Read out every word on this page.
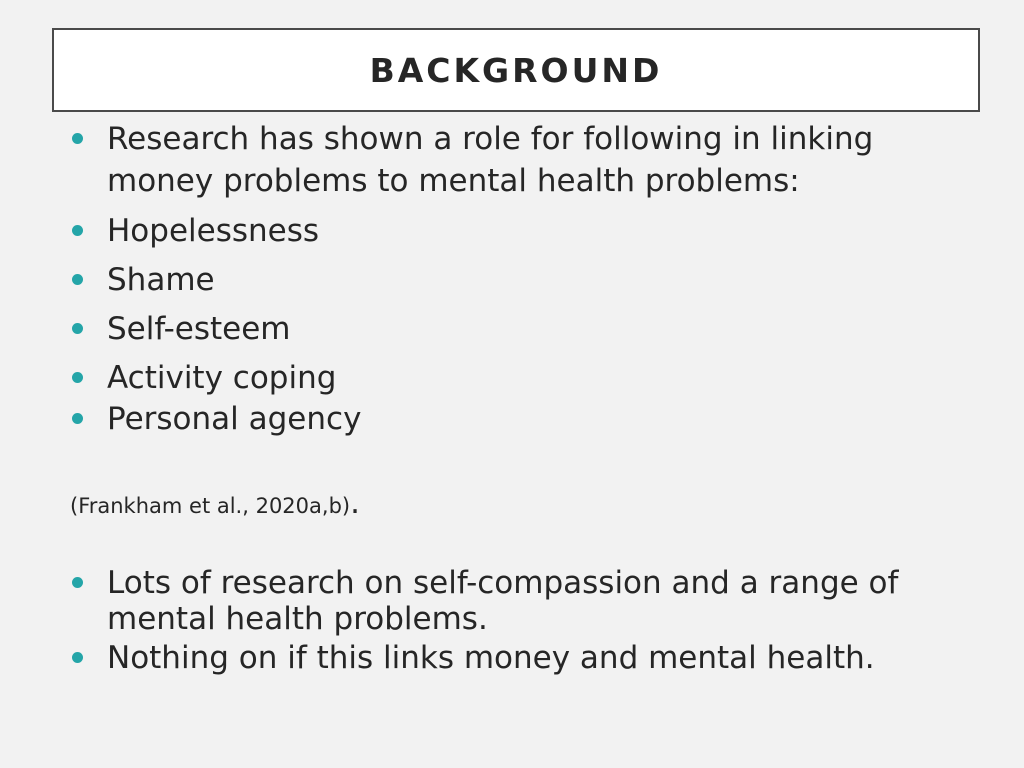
BACKGROUND
Research has shown a role for following in linking money problems to mental health problems:
Hopelessness
Shame
Self-esteem
Activity coping
Personal agency
(Frankham et al., 2020a,b).
Lots of research on self-compassion and a range of mental health problems.
Nothing on if this links money and mental health.
